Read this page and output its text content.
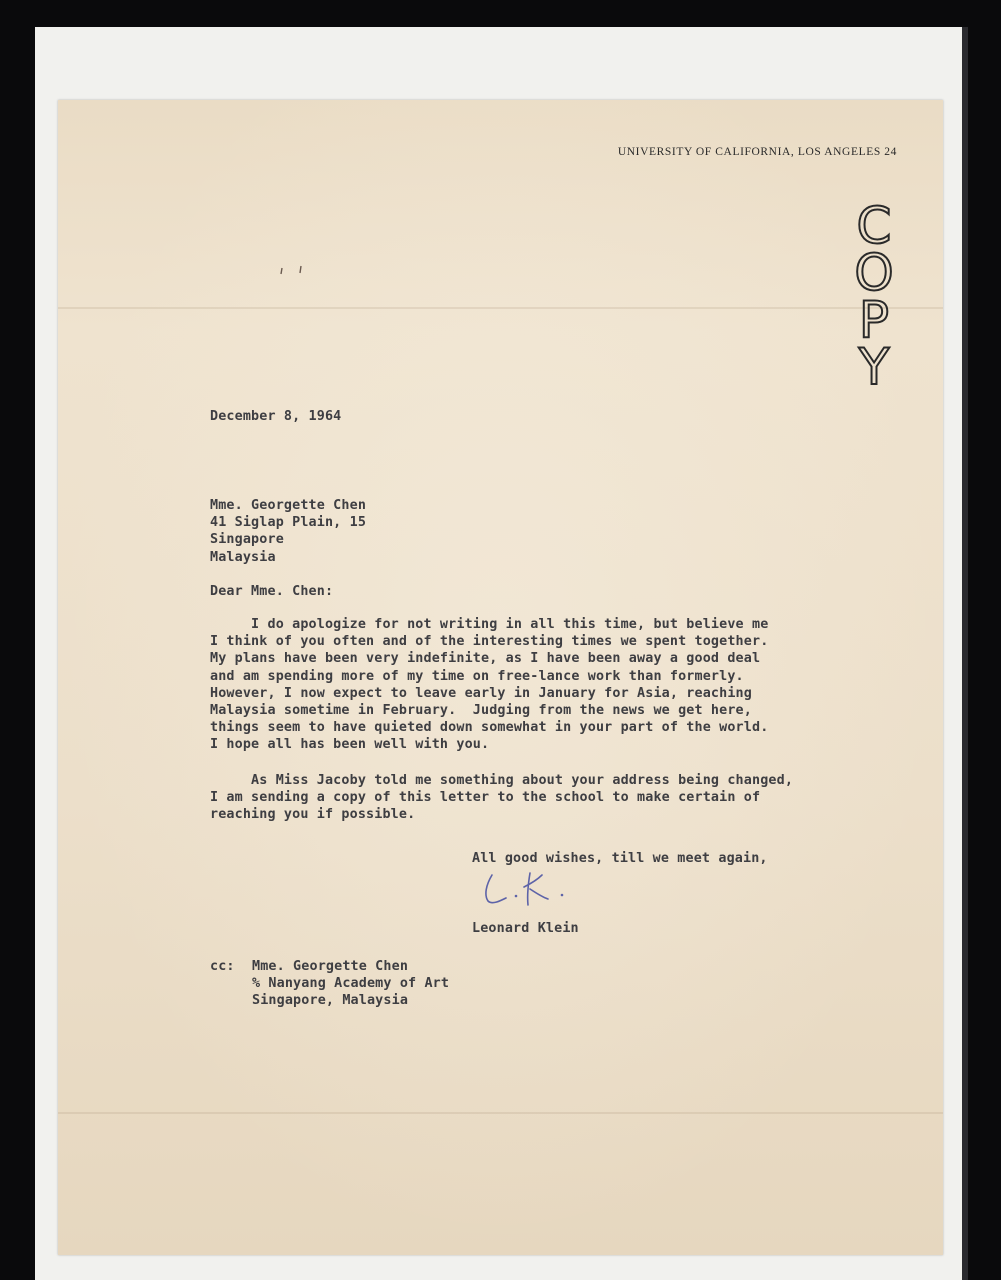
UNIVERSITY OF CALIFORNIA, LOS ANGELES 24
C
O
P
Y
December 8, 1964
Mme. Georgette Chen
41 Siglap Plain, 15
Singapore
Malaysia
Dear Mme. Chen:
I do apologize for not writing in all this time, but believe me
I think of you often and of the interesting times we spent together.
My plans have been very indefinite, as I have been away a good deal
and am spending more of my time on free-lance work than formerly.
However, I now expect to leave early in January for Asia, reaching
Malaysia sometime in February.  Judging from the news we get here,
things seem to have quieted down somewhat in your part of the world.
I hope all has been well with you.
As Miss Jacoby told me something about your address being changed,
I am sending a copy of this letter to the school to make certain of
reaching you if possible.
All good wishes, till we meet again,
Leonard Klein
cc: Mme. Georgette Chen
% Nanyang Academy of Art
Singapore, Malaysia
